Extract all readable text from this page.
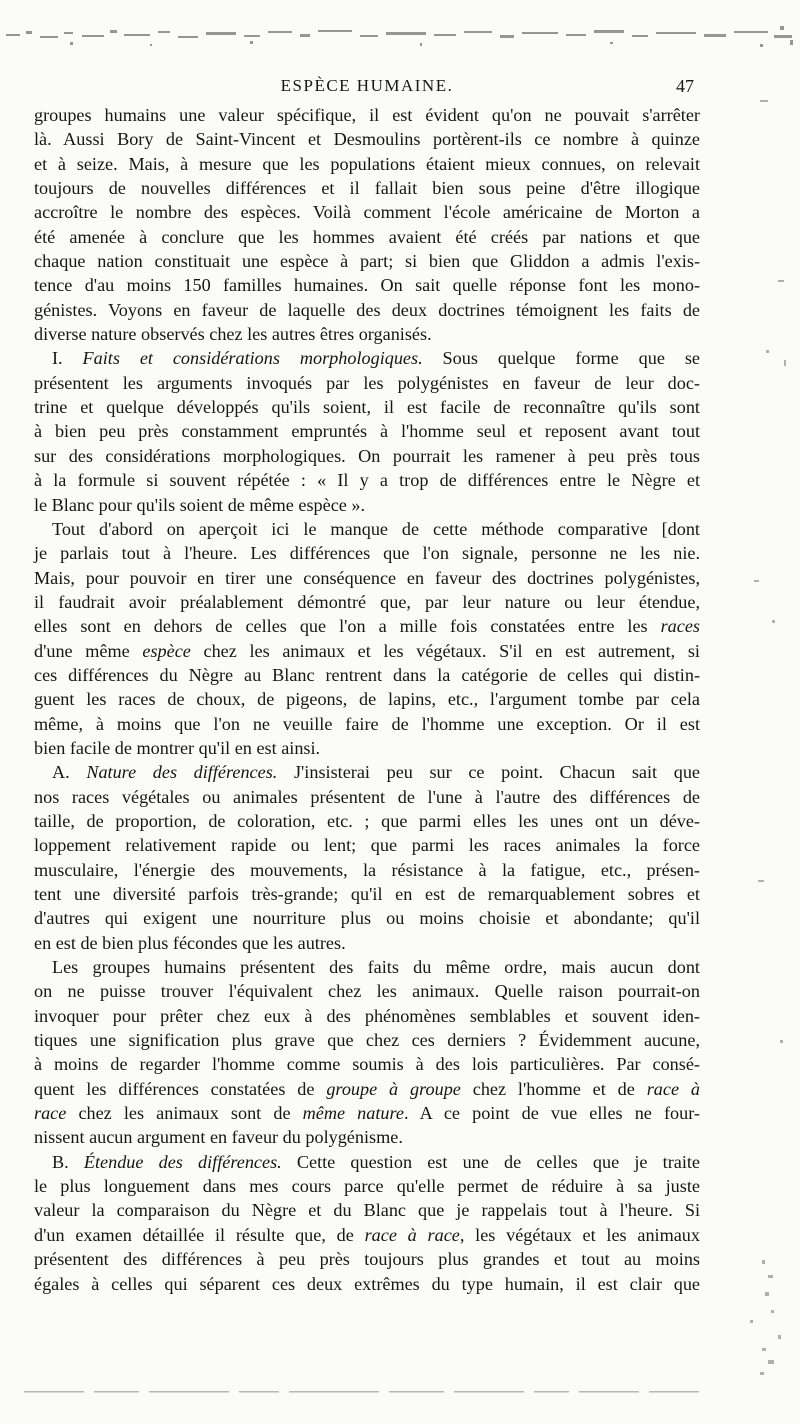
ESPÈCE HUMAINE.	47
groupes humains une valeur spécifique, il est évident qu'on ne pouvait s'arrêter
là. Aussi Bory de Saint-Vincent et Desmoulins portèrent-ils ce nombre à quinze
et à seize. Mais, à mesure que les populations étaient mieux connues, on relevait
toujours de nouvelles différences et il fallait bien sous peine d'être illogique
accroître le nombre des espèces. Voilà comment l'école américaine de Morton a
été amenée à conclure que les hommes avaient été créés par nations et que
chaque nation constituait une espèce à part; si bien que Gliddon a admis l'exis-
tence d'au moins 150 familles humaines. On sait quelle réponse font les mono-
génistes. Voyons en faveur de laquelle des deux doctrines témoignent les faits de
diverse nature observés chez les autres êtres organisés.
I. Faits et considérations morphologiques. Sous quelque forme que se
présentent les arguments invoqués par les polygénistes en faveur de leur doc-
trine et quelque développés qu'ils soient, il est facile de reconnaître qu'ils sont
à bien peu près constamment empruntés à l'homme seul et reposent avant tout
sur des considérations morphologiques. On pourrait les ramener à peu près tous
à la formule si souvent répétée : « Il y a trop de différences entre le Nègre et
le Blanc pour qu'ils soient de même espèce ».
Tout d'abord on aperçoit ici le manque de cette méthode comparative [dont
je parlais tout à l'heure. Les différences que l'on signale, personne ne les nie.
Mais, pour pouvoir en tirer une conséquence en faveur des doctrines polygénistes,
il faudrait avoir préalablement démontré que, par leur nature ou leur étendue,
elles sont en dehors de celles que l'on a mille fois constatées entre les races
d'une même espèce chez les animaux et les végétaux. S'il en est autrement, si
ces différences du Nègre au Blanc rentrent dans la catégorie de celles qui distin-
guent les races de choux, de pigeons, de lapins, etc., l'argument tombe par cela
même, à moins que l'on ne veuille faire de l'homme une exception. Or il est
bien facile de montrer qu'il en est ainsi.
A. Nature des différences. J'insisterai peu sur ce point. Chacun sait que
nos races végétales ou animales présentent de l'une à l'autre des différences de
taille, de proportion, de coloration, etc. ; que parmi elles les unes ont un déve-
loppement relativement rapide ou lent; que parmi les races animales la force
musculaire, l'énergie des mouvements, la résistance à la fatigue, etc., présen-
tent une diversité parfois très-grande; qu'il en est de remarquablement sobres et
d'autres qui exigent une nourriture plus ou moins choisie et abondante; qu'il
en est de bien plus fécondes que les autres.
Les groupes humains présentent des faits du même ordre, mais aucun dont
on ne puisse trouver l'équivalent chez les animaux. Quelle raison pourrait-on
invoquer pour prêter chez eux à des phénomènes semblables et souvent iden-
tiques une signification plus grave que chez ces derniers ? Évidemment aucune,
à moins de regarder l'homme comme soumis à des lois particulières. Par consé-
quent les différences constatées de groupe à groupe chez l'homme et de race à
race chez les animaux sont de même nature. A ce point de vue elles ne four-
nissent aucun argument en faveur du polygénisme.
B. Étendue des différences. Cette question est une de celles que je traite
le plus longuement dans mes cours parce qu'elle permet de réduire à sa juste
valeur la comparaison du Nègre et du Blanc que je rappelais tout à l'heure. Si
d'un examen détaillée il résulte que, de race à race, les végétaux et les animaux
présentent des différences à peu près toujours plus grandes et tout au moins
égales à celles qui séparent ces deux extrêmes du type humain, il est clair que
